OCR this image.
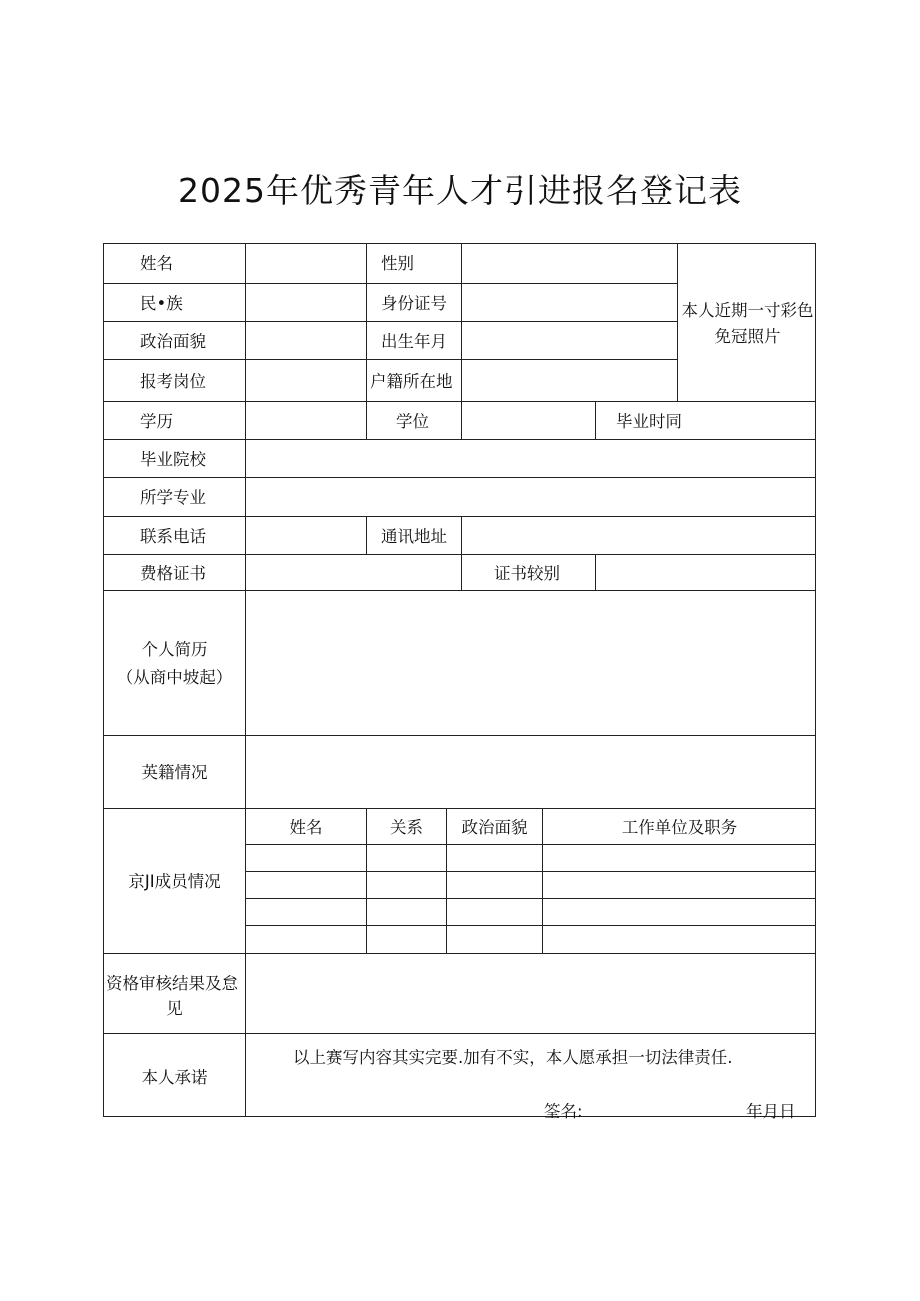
2025年优秀青年人才引进报名登记表
姓名	性别
本人近期一寸彩色
免冠照片
民•族	身份证号
政治面貌	出生年月
报考岗位	户籍所在地
学历	学位	毕业时同
毕业院校
所学专业
联系电话	通讯地址
费格证书	证书较别
个人简历
（从商中坡起）
英籍情况
京JI成员情况
姓名	关系	政治面貌	工作单位及职务
资格审核结果及怠
见
本人承诺
以上赛写内容其实完要.加有不实，本人愿承担一切法律责任.
筌名:	年月日
